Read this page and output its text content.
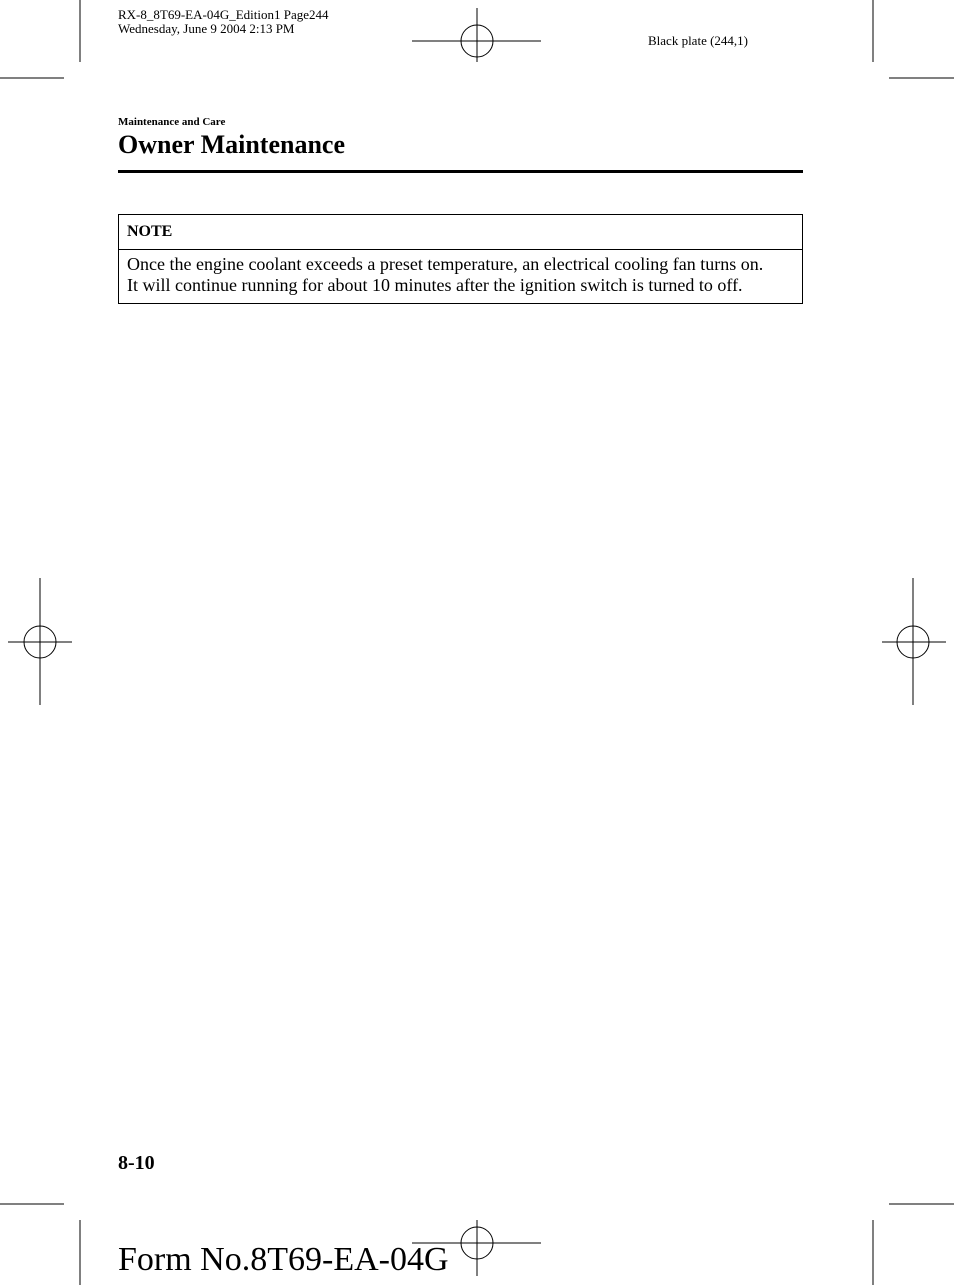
RX-8_8T69-EA-04G_Edition1 Page244
Wednesday, June 9 2004 2:13 PM
Black plate (244,1)
Maintenance and Care
Owner Maintenance
NOTE
Once the engine coolant exceeds a preset temperature, an electrical cooling fan turns on.
It will continue running for about 10 minutes after the ignition switch is turned to off.
8-10
Form No.8T69-EA-04G
